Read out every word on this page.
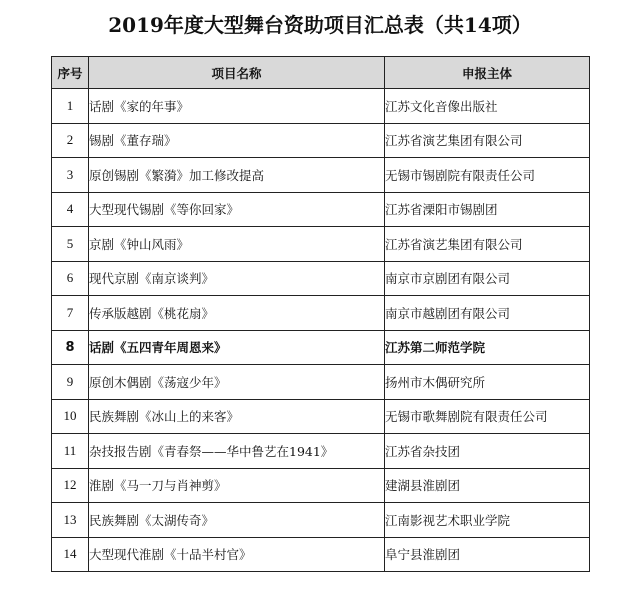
2019年度大型舞台资助项目汇总表（共14项）
序号	项目名称	申报主体
1	话剧《家的年事》	江苏文化音像出版社
2	锡剧《董存瑞》	江苏省演艺集团有限公司
3	原创锡剧《繁漪》加工修改提高	无锡市锡剧院有限责任公司
4	大型现代锡剧《等你回家》	江苏省溧阳市锡剧团
5	京剧《钟山风雨》	江苏省演艺集团有限公司
6	现代京剧《南京谈判》	南京市京剧团有限公司
7	传承版越剧《桃花扇》	南京市越剧团有限公司
8	话剧《五四青年周恩来》	江苏第二师范学院
9	原创木偶剧《荡寇少年》	扬州市木偶研究所
10	民族舞剧《冰山上的来客》	无锡市歌舞剧院有限责任公司
11	杂技报告剧《青春祭——华中鲁艺在1941》	江苏省杂技团
12	淮剧《马一刀与肖神剪》	建湖县淮剧团
13	民族舞剧《太湖传奇》	江南影视艺术职业学院
14	大型现代淮剧《十品半村官》	阜宁县淮剧团
